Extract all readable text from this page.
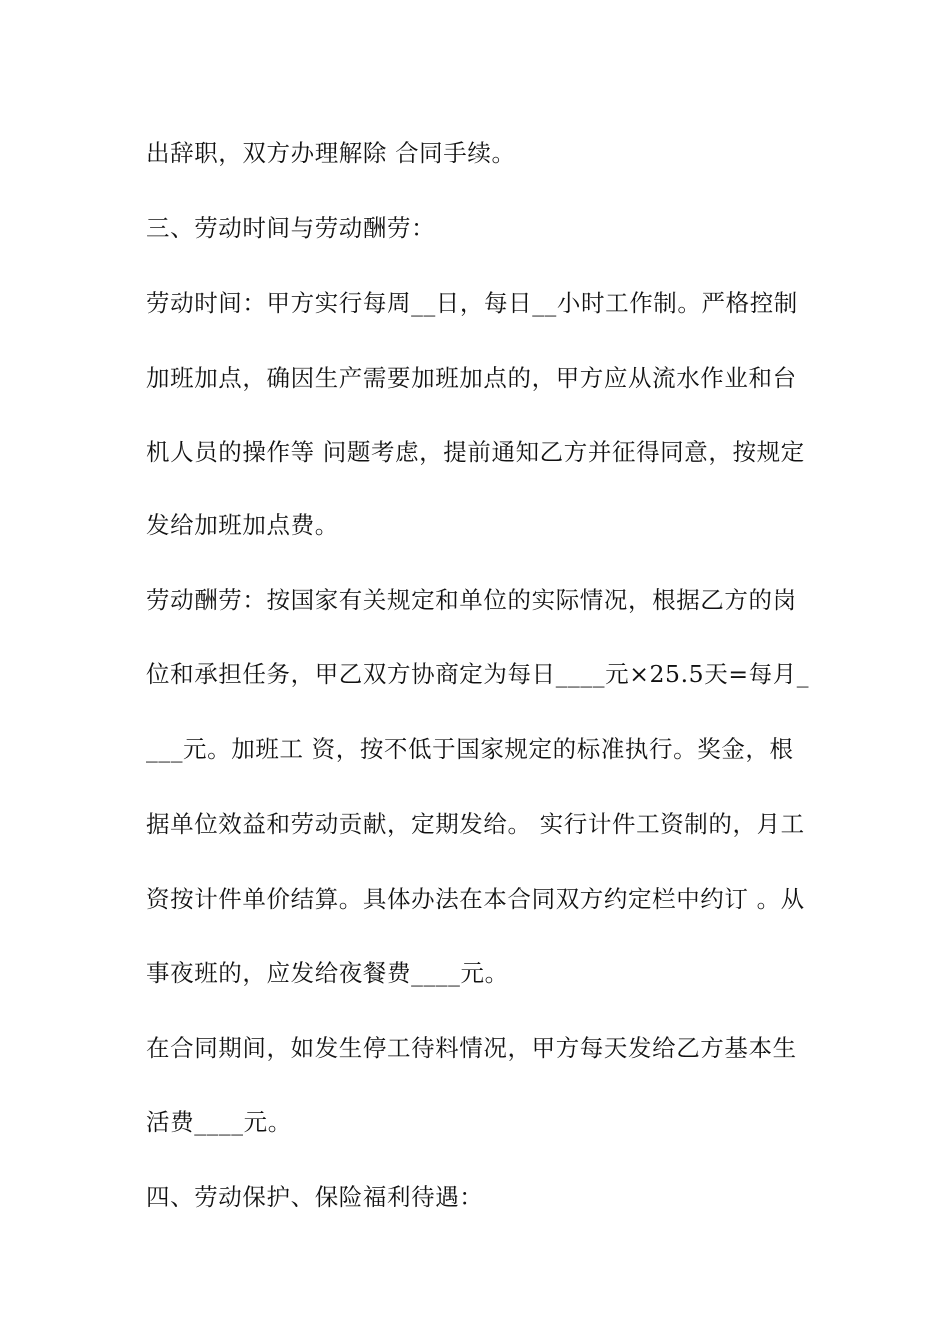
出辞职，双方办理解除 合同手续。
三、劳动时间与劳动酬劳：
劳动时间：甲方实行每周__日，每日__小时工作制。严格控制
加班加点，确因生产需要加班加点的，甲方应从流水作业和台
机人员的操作等 问题考虑，提前通知乙方并征得同意，按规定
发给加班加点费。
劳动酬劳：按国家有关规定和单位的实际情况，根据乙方的岗
位和承担任务，甲乙双方协商定为每日____元×25.5天=每月_
___元。加班工 资，按不低于国家规定的标准执行。奖金，根
据单位效益和劳动贡献，定期发给。 实行计件工资制的，月工
资按计件单价结算。具体办法在本合同双方约定栏中约订 。从
事夜班的，应发给夜餐费____元。
在合同期间，如发生停工待料情况，甲方每天发给乙方基本生
活费____元。
四、劳动保护、保险福利待遇：
